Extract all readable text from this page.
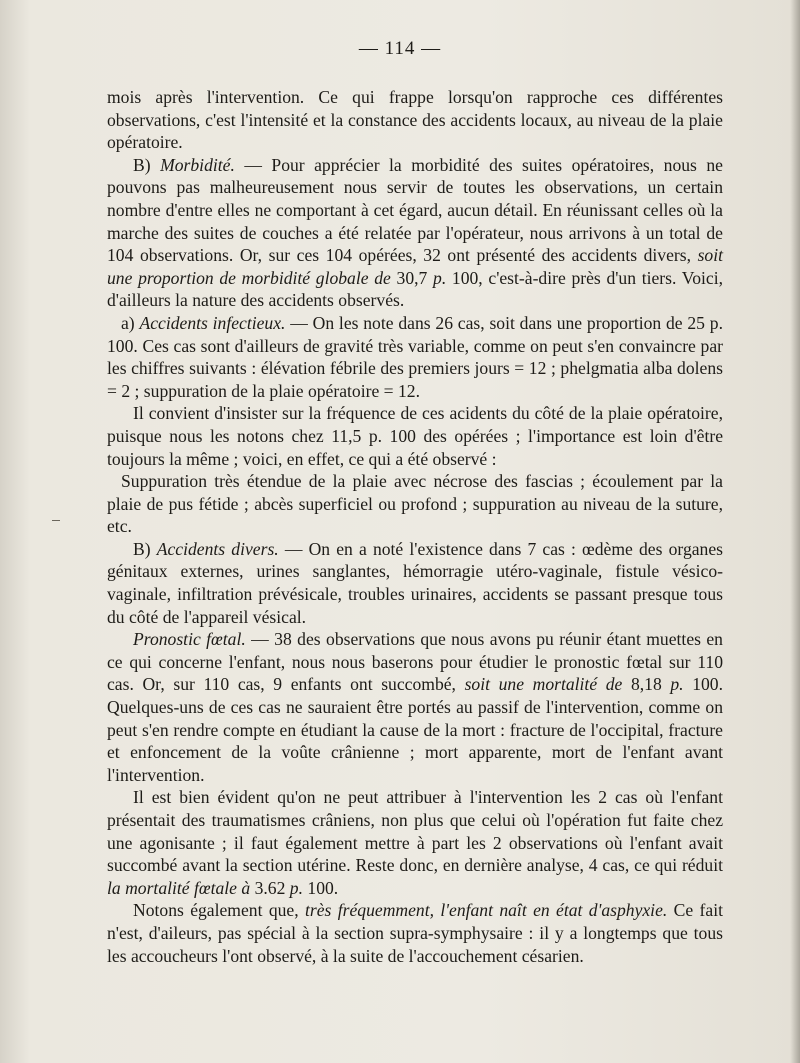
— 114 —

mois après l'intervention. Ce qui frappe lorsqu'on rapproche ces différentes observations, c'est l'intensité et la constance des accidents locaux, au niveau de la plaie opératoire.

B) Morbidité. — Pour apprécier la morbidité des suites opératoires, nous ne pouvons pas malheureusement nous servir de toutes les observations, un certain nombre d'entre elles ne comportant à cet égard, aucun détail. En réunissant celles où la marche des suites de couches a été relatée par l'opérateur, nous arrivons à un total de 104 observations. Or, sur ces 104 opérées, 32 ont présenté des accidents divers, soit une proportion de morbidité globale de 30,7 p. 100, c'est-à-dire près d'un tiers. Voici, d'ailleurs la nature des accidents observés.

a) Accidents infectieux. — On les note dans 26 cas, soit dans une proportion de 25 p. 100. Ces cas sont d'ailleurs de gravité très variable, comme on peut s'en convaincre par les chiffres suivants : élévation fébrile des premiers jours = 12 ; phelgmatia alba dolens = 2 ; suppuration de la plaie opératoire = 12.

Il convient d'insister sur la fréquence de ces acidents du côté de la plaie opératoire, puisque nous les notons chez 11,5 p. 100 des opérées ; l'importance est loin d'être toujours la même ; voici, en effet, ce qui a été observé :

Suppuration très étendue de la plaie avec nécrose des fascias ; écoulement par la plaie de pus fétide ; abcès superficiel ou profond ; suppuration au niveau de la suture, etc.

B) Accidents divers. — On en a noté l'existence dans 7 cas : œdème des organes génitaux externes, urines sanglantes, hémorragie utéro-vaginale, fistule vésico-vaginale, infiltration prévésicale, troubles urinaires, accidents se passant presque tous du côté de l'appareil vésical.

Pronostic fœtal. — 38 des observations que nous avons pu réunir étant muettes en ce qui concerne l'enfant, nous nous baserons pour étudier le pronostic fœtal sur 110 cas. Or, sur 110 cas, 9 enfants ont succombé, soit une mortalité de 8,18 p. 100. Quelques-uns de ces cas ne sauraient être portés au passif de l'intervention, comme on peut s'en rendre compte en étudiant la cause de la mort : fracture de l'occipital, fracture et enfoncement de la voûte crânienne ; mort apparente, mort de l'enfant avant l'intervention.

Il est bien évident qu'on ne peut attribuer à l'intervention les 2 cas où l'enfant présentait des traumatismes crâniens, non plus que celui où l'opération fut faite chez une agonisante ; il faut également mettre à part les 2 observations où l'enfant avait succombé avant la section utérine. Reste donc, en dernière analyse, 4 cas, ce qui réduit la mortalité fœtale à 3.62 p. 100.

Notons également que, très fréquemment, l'enfant naît en état d'asphyxie. Ce fait n'est, d'aileurs, pas spécial à la section supra-symphysaire : il y a longtemps que tous les accoucheurs l'ont observé, à la suite de l'accouchement césarien.
